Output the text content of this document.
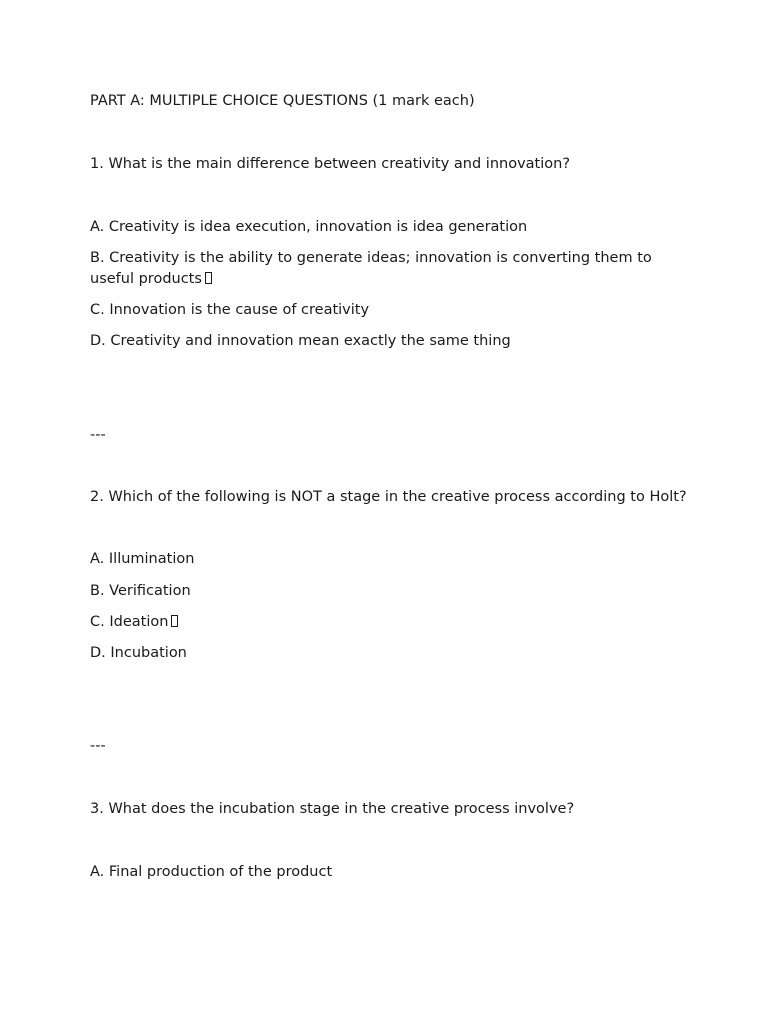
PART A: MULTIPLE CHOICE QUESTIONS (1 mark each)

1. What is the main difference between creativity and innovation?

A. Creativity is idea execution, innovation is idea generation

B. Creativity is the ability to generate ideas; innovation is converting them to useful products

C. Innovation is the cause of creativity

D. Creativity and innovation mean exactly the same thing

---

2. Which of the following is NOT a stage in the creative process according to Holt?

A. Illumination

B. Verification

C. Ideation

D. Incubation

---

3. What does the incubation stage in the creative process involve?

A. Final production of the product
